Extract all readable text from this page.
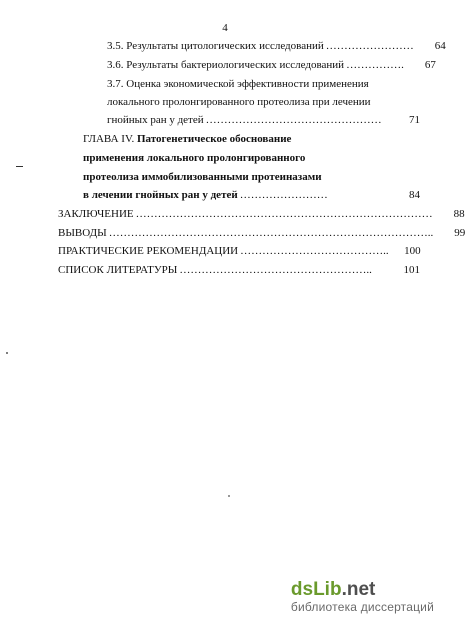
4
3.5. Результаты цитологических исследований ……………………	64
3.6. Результаты бактериологических исследований …………….	67
3.7. Оценка экономической эффективности применения
локального пролонгированного протеолиза при лечении
гнойных ран у детей …………………………………………	71
ГЛАВА IV. Патогенетическое обоснование
применения локального пролонгированного
протеолиза иммобилизованными протеиназами
в лечении гнойных ран у детей ……………………	84
ЗАКЛЮЧЕНИЕ ………………………………………………………………………	88
ВЫВОДЫ ……………………………………………………………………………..	99
ПРАКТИЧЕСКИЕ РЕКОМЕНДАЦИИ …………………………………..	100
СПИСОК ЛИТЕРАТУРЫ ……………………………………………..	101
dsLib.net
библиотека диссертаций
